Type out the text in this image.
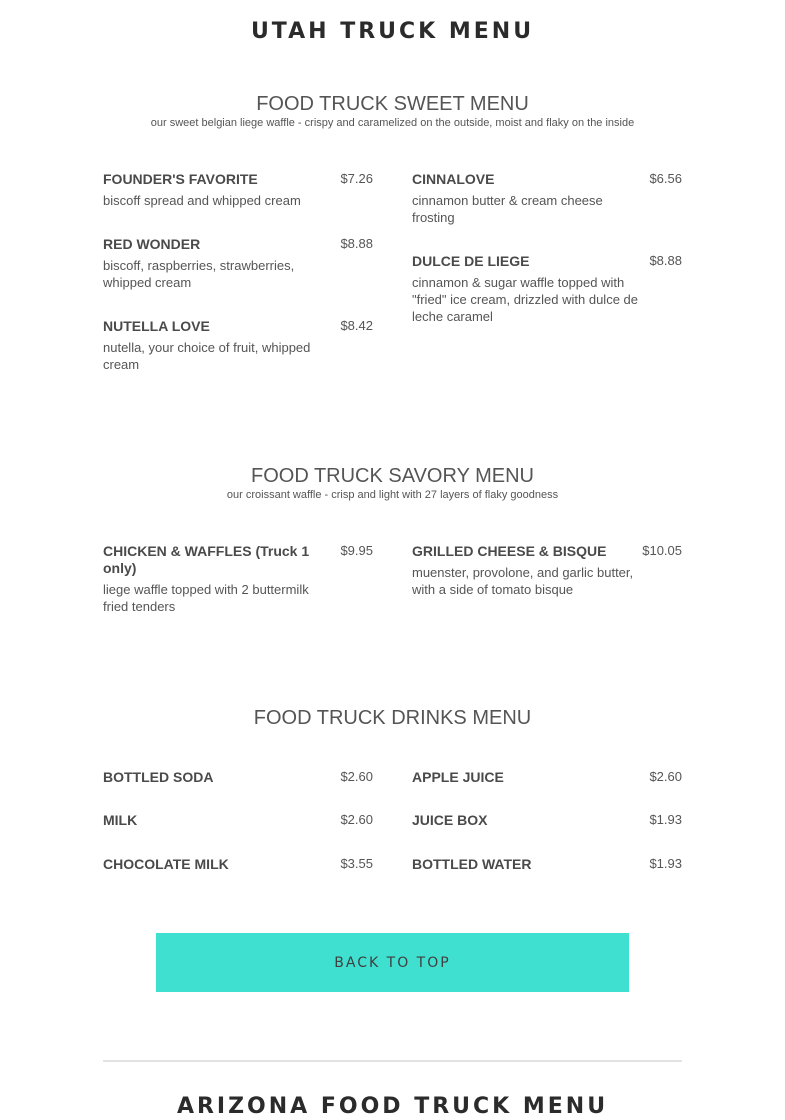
UTAH TRUCK MENU
FOOD TRUCK SWEET MENU
our sweet belgian liege waffle - crispy and caramelized on the outside, moist and flaky on the inside
FOUNDER'S FAVORITE	$7.26
biscoff spread and whipped cream
CINNALOVE	$6.56
cinnamon butter & cream cheese frosting
RED WONDER	$8.88
biscoff, raspberries, strawberries, whipped cream
DULCE DE LIEGE	$8.88
cinnamon & sugar waffle topped with "fried" ice cream, drizzled with dulce de leche caramel
NUTELLA LOVE	$8.42
nutella, your choice of fruit, whipped cream
FOOD TRUCK SAVORY MENU
our croissant waffle - crisp and light with 27 layers of flaky goodness
CHICKEN & WAFFLES (Truck 1 only)
$9.95
liege waffle topped with 2 buttermilk fried tenders
GRILLED CHEESE & BISQUE	$10.05
muenster, provolone, and garlic butter, with a side of tomato bisque
FOOD TRUCK DRINKS MENU
BOTTLED SODA	$2.60	APPLE JUICE	$2.60
MILK	$2.60	JUICE BOX	$1.93
CHOCOLATE MILK	$3.55	BOTTLED WATER	$1.93
BACK TO TOP
ARIZONA FOOD TRUCK MENU
